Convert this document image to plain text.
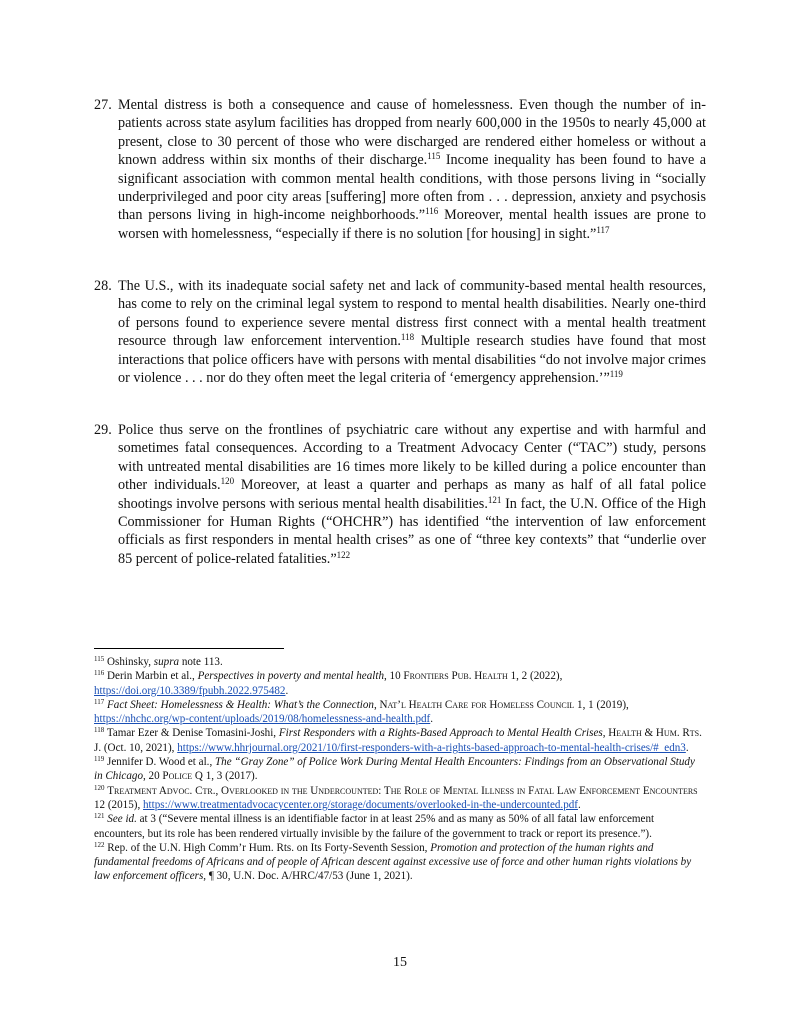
27. Mental distress is both a consequence and cause of homelessness. Even though the number of in-patients across state asylum facilities has dropped from nearly 600,000 in the 1950s to nearly 45,000 at present, close to 30 percent of those who were discharged are rendered either homeless or without a known address within six months of their discharge.$^{115}$ Income inequality has been found to have a significant association with common mental health conditions, with those persons living in “socially underprivileged and poor city areas [suffering] more often from . . . depression, anxiety and psychosis than persons living in high-income neighborhoods.”$^{116}$ Moreover, mental health issues are prone to worsen with homelessness, “especially if there is no solution [for housing] in sight.”$^{117}$
28. The U.S., with its inadequate social safety net and lack of community-based mental health resources, has come to rely on the criminal legal system to respond to mental health disabilities. Nearly one-third of persons found to experience severe mental distress first connect with a mental health treatment resource through law enforcement intervention.$^{118}$ Multiple research studies have found that most interactions that police officers have with persons with mental disabilities “do not involve major crimes or violence . . . nor do they often meet the legal criteria of ‘emergency apprehension.’”$^{119}$
29. Police thus serve on the frontlines of psychiatric care without any expertise and with harmful and sometimes fatal consequences. According to a Treatment Advocacy Center (“TAC”) study, persons with untreated mental disabilities are 16 times more likely to be killed during a police encounter than other individuals.$^{120}$ Moreover, at least a quarter and perhaps as many as half of all fatal police shootings involve persons with serious mental health disabilities.$^{121}$ In fact, the U.N. Office of the High Commissioner for Human Rights (“OHCHR”) has identified “the intervention of law enforcement officials as first responders in mental health crises” as one of “three key contexts” that “underlie over 85 percent of police-related fatalities.”$^{122}$

$^{115}$ Oshinsky, supra note 113.

$^{116}$ Derin Marbin et al., Perspectives in poverty and mental health, 10 Frontiers Pub. Health 1, 2 (2022), https://doi.org/10.3389/fpubh.2022.975482.

$^{117}$ Fact Sheet: Homelessness & Health: What’s the Connection, Nat’l Health Care for Homeless Council 1, 1 (2019), https://nhchc.org/wp-content/uploads/2019/08/homelessness-and-health.pdf.

$^{118}$ Tamar Ezer & Denise Tomasini-Joshi, First Responders with a Rights-Based Approach to Mental Health Crises, Health & Hum. Rts. J. (Oct. 10, 2021), https://www.hhrjournal.org/2021/10/first-responders-with-a-rights-based-approach-to-mental-health-crises/#_edn3.

$^{119}$ Jennifer D. Wood et al., The “Gray Zone” of Police Work During Mental Health Encounters: Findings from an Observational Study in Chicago, 20 Police Q 1, 3 (2017).

$^{120}$ Treatment Advoc. Ctr., Overlooked in the Undercounted: The Role of Mental Illness in Fatal Law Enforcement Encounters 12 (2015), https://www.treatmentadvocacycenter.org/storage/documents/overlooked-in-the-undercounted.pdf.

$^{121}$ See id. at 3 (“Severe mental illness is an identifiable factor in at least 25% and as many as 50% of all fatal law enforcement encounters, but its role has been rendered virtually invisible by the failure of the government to track or report its presence.”).

$^{122}$ Rep. of the U.N. High Comm’r Hum. Rts. on Its Forty-Seventh Session, Promotion and protection of the human rights and fundamental freedoms of Africans and of people of African descent against excessive use of force and other human rights violations by law enforcement officers, ¶ 30, U.N. Doc. A/HRC/47/53 (June 1, 2021).

15
